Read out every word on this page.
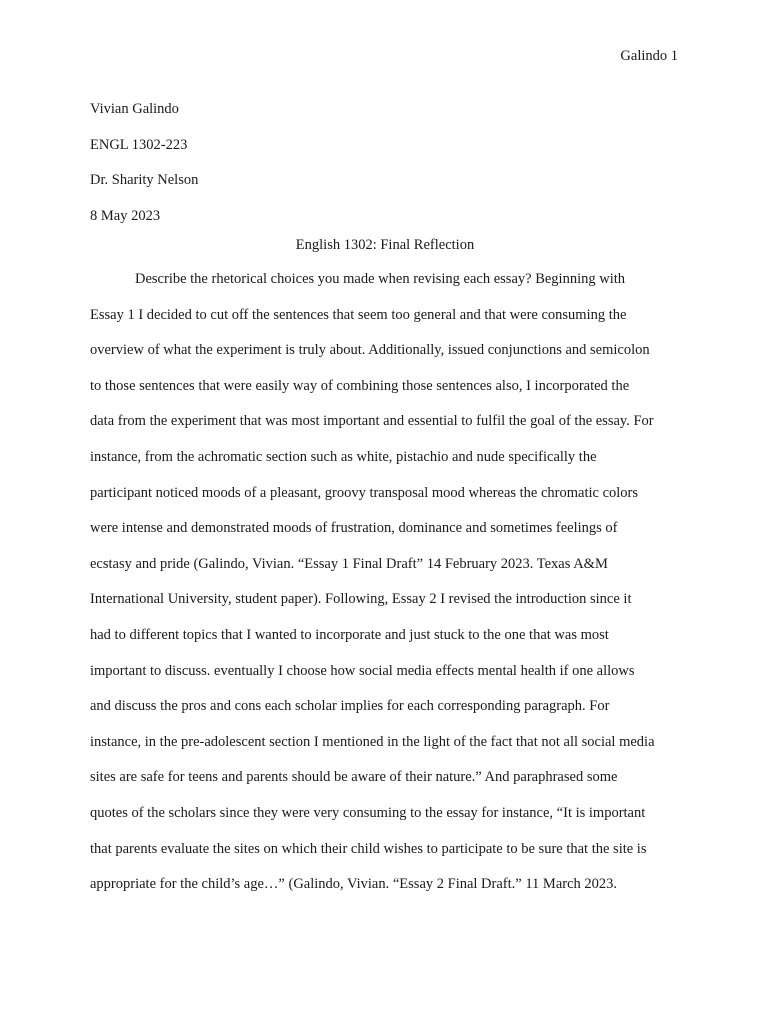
Galindo 1
Vivian Galindo
ENGL 1302-223
Dr. Sharity Nelson
8 May 2023
English 1302: Final Reflection
Describe the rhetorical choices you made when revising each essay? Beginning with
Essay 1 I decided to cut off the sentences that seem too general and that were consuming the
overview of what the experiment is truly about. Additionally, issued conjunctions and semicolon
to those sentences that were easily way of combining those sentences also, I incorporated the
data from the experiment that was most important and essential to fulfil the goal of the essay. For
instance, from the achromatic section such as white, pistachio and nude specifically the
participant noticed moods of a pleasant, groovy transposal mood whereas the chromatic colors
were intense and demonstrated moods of frustration, dominance and sometimes feelings of
ecstasy and pride (Galindo, Vivian. “Essay 1 Final Draft” 14 February 2023. Texas A&M
International University, student paper). Following, Essay 2 I revised the introduction since it
had to different topics that I wanted to incorporate and just stuck to the one that was most
important to discuss. eventually I choose how social media effects mental health if one allows
and discuss the pros and cons each scholar implies for each corresponding paragraph. For
instance, in the pre-adolescent section I mentioned in the light of the fact that not all social media
sites are safe for teens and parents should be aware of their nature.” And paraphrased some
quotes of the scholars since they were very consuming to the essay for instance, “It is important
that parents evaluate the sites on which their child wishes to participate to be sure that the site is
appropriate for the child’s age…” (Galindo, Vivian. “Essay 2 Final Draft.” 11 March 2023.
